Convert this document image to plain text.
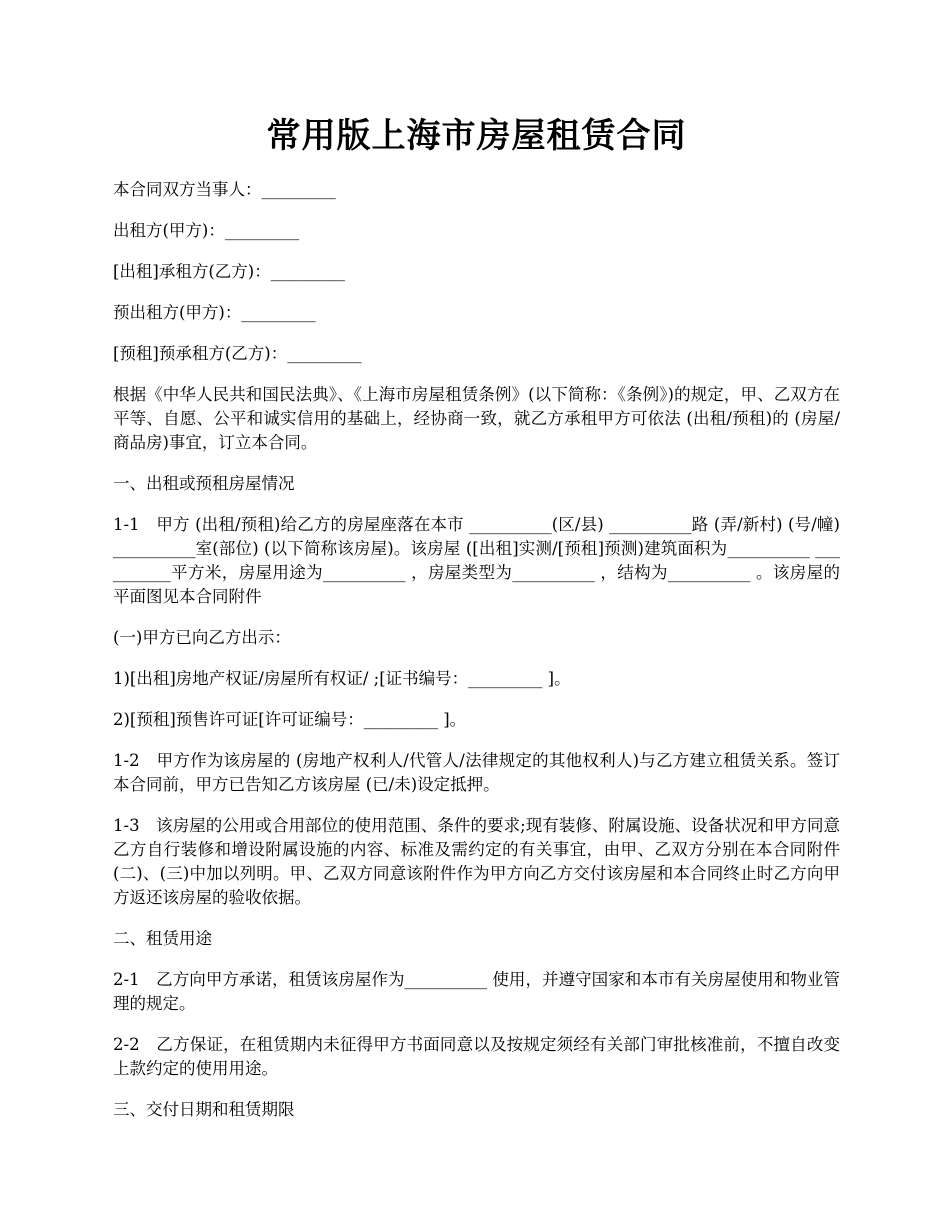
常用版上海市房屋租赁合同

本合同双方当事人：_________

出租方(甲方)：_________

[出租]承租方(乙方)：_________

预出租方(甲方)：_________

[预租]预承租方(乙方)：_________

根据《中华人民共和国民法典》、《上海市房屋租赁条例》(以下简称：《条例》)的规定，甲、乙双方在平等、自愿、公平和诚实信用的基础上，经协商一致，就乙方承租甲方可依法 (出租/预租)的 (房屋/商品房)事宜，订立本合同。

一、出租或预租房屋情况

1-1　甲方 (出租/预租)给乙方的房屋座落在本市 __________(区/县) __________路 (弄/新村) (号/幢) __________室(部位) (以下简称该房屋)。该房屋 ([出租]实测/[预租]预测)建筑面积为__________ __________平方米，房屋用途为__________ ，房屋类型为__________ ，结构为__________ 。该房屋的平面图见本合同附件

(一)甲方已向乙方出示：

1)[出租]房地产权证/房屋所有权证/ ;[证书编号：_________ ]。

2)[预租]预售许可证[许可证编号：_________ ]。

1-2　甲方作为该房屋的 (房地产权利人/代管人/法律规定的其他权利人)与乙方建立租赁关系。签订本合同前，甲方已告知乙方该房屋 (已/未)设定抵押。

1-3　该房屋的公用或合用部位的使用范围、条件的要求;现有装修、附属设施、设备状况和甲方同意乙方自行装修和增设附属设施的内容、标准及需约定的有关事宜，由甲、乙双方分别在本合同附件(二)、(三)中加以列明。甲、乙双方同意该附件作为甲方向乙方交付该房屋和本合同终止时乙方向甲方返还该房屋的验收依据。

二、租赁用途

2-1　乙方向甲方承诺，租赁该房屋作为__________ 使用，并遵守国家和本市有关房屋使用和物业管理的规定。

2-2　乙方保证，在租赁期内未征得甲方书面同意以及按规定须经有关部门审批核准前，不擅自改变上款约定的使用用途。

三、交付日期和租赁期限
